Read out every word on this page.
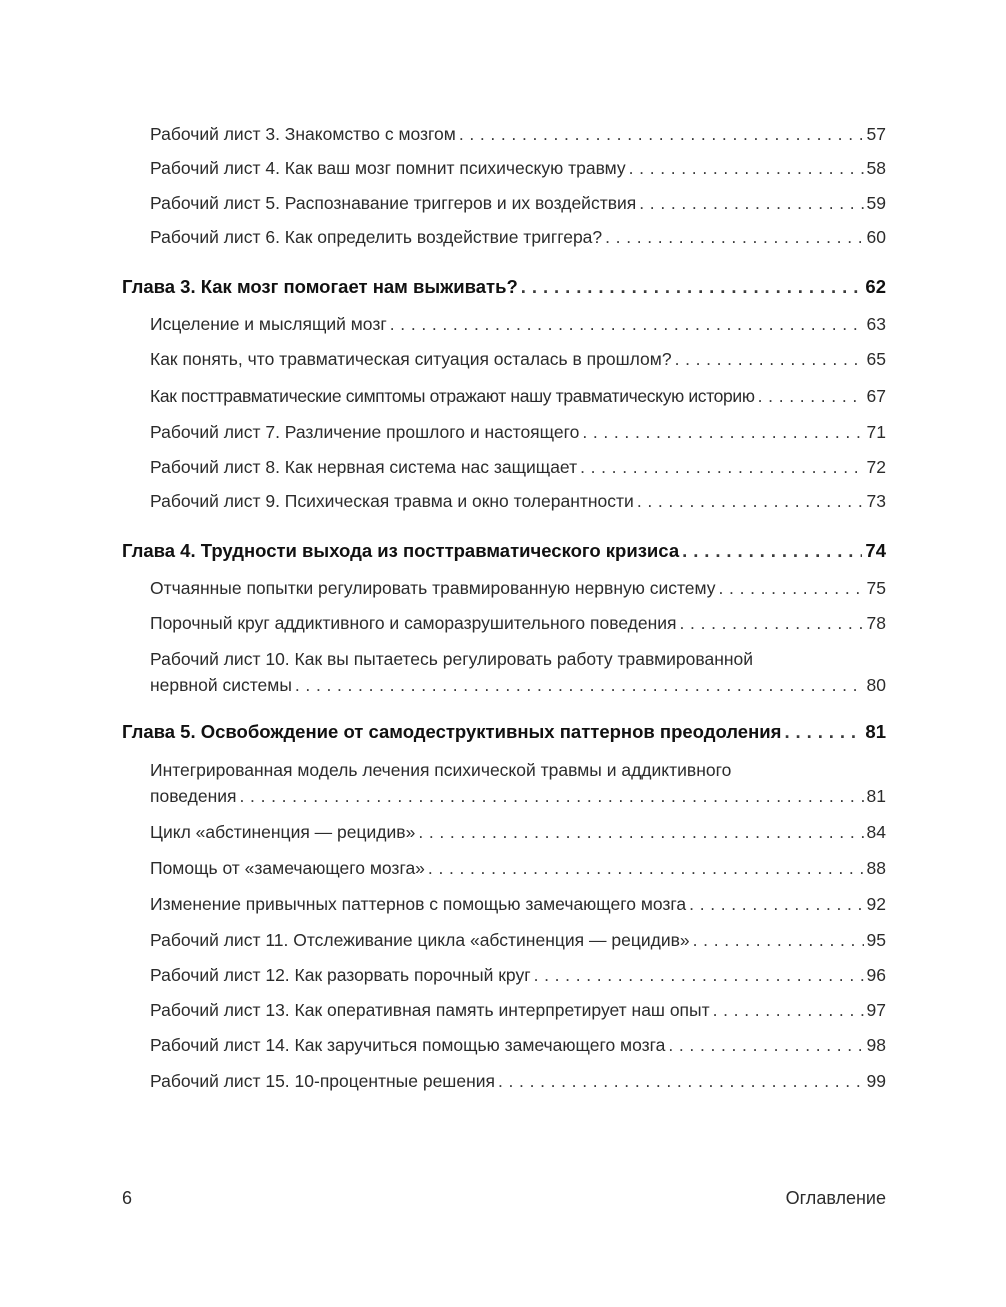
Рабочий лист 3. Знакомство с мозгом . . .	57
Рабочий лист 4. Как ваш мозг помнит психическую травму . . .	58
Рабочий лист 5. Распознавание триггеров и их воздействия . . .	59
Рабочий лист 6. Как определить воздействие триггера? . . .	60
Глава 3. Как мозг помогает нам выживать? . . .	62
Исцеление и мыслящий мозг . . .	63
Как понять, что травматическая ситуация осталась в прошлом? . . .	65
Как посттравматические симптомы отражают нашу травматическую историю . . .	67
Рабочий лист 7. Различение прошлого и настоящего . . .	71
Рабочий лист 8. Как нервная система нас защищает . . .	72
Рабочий лист 9. Психическая травма и окно толерантности . . .	73
Глава 4. Трудности выхода из посттравматического кризиса . . .	74
Отчаянные попытки регулировать травмированную нервную систему . . .	75
Порочный круг аддиктивного и саморазрушительного поведения . . .	78
Рабочий лист 10. Как вы пытаетесь регулировать работу травмированной
нервной системы . . .	80
Глава 5. Освобождение от самодеструктивных паттернов преодоления . . .	81
Интегрированная модель лечения психической травмы и аддиктивного
поведения . . .	81
Цикл «абстиненция — рецидив» . . .	84
Помощь от «замечающего мозга» . . .	88
Изменение привычных паттернов с помощью замечающего мозга . . .	92
Рабочий лист 11. Отслеживание цикла «абстиненция — рецидив» . . .	95
Рабочий лист 12. Как разорвать порочный круг . . .	96
Рабочий лист 13. Как оперативная память интерпретирует наш опыт . . .	97
Рабочий лист 14. Как заручиться помощью замечающего мозга . . .	98
Рабочий лист 15. 10-процентные решения . . .	99
6	Оглавление
